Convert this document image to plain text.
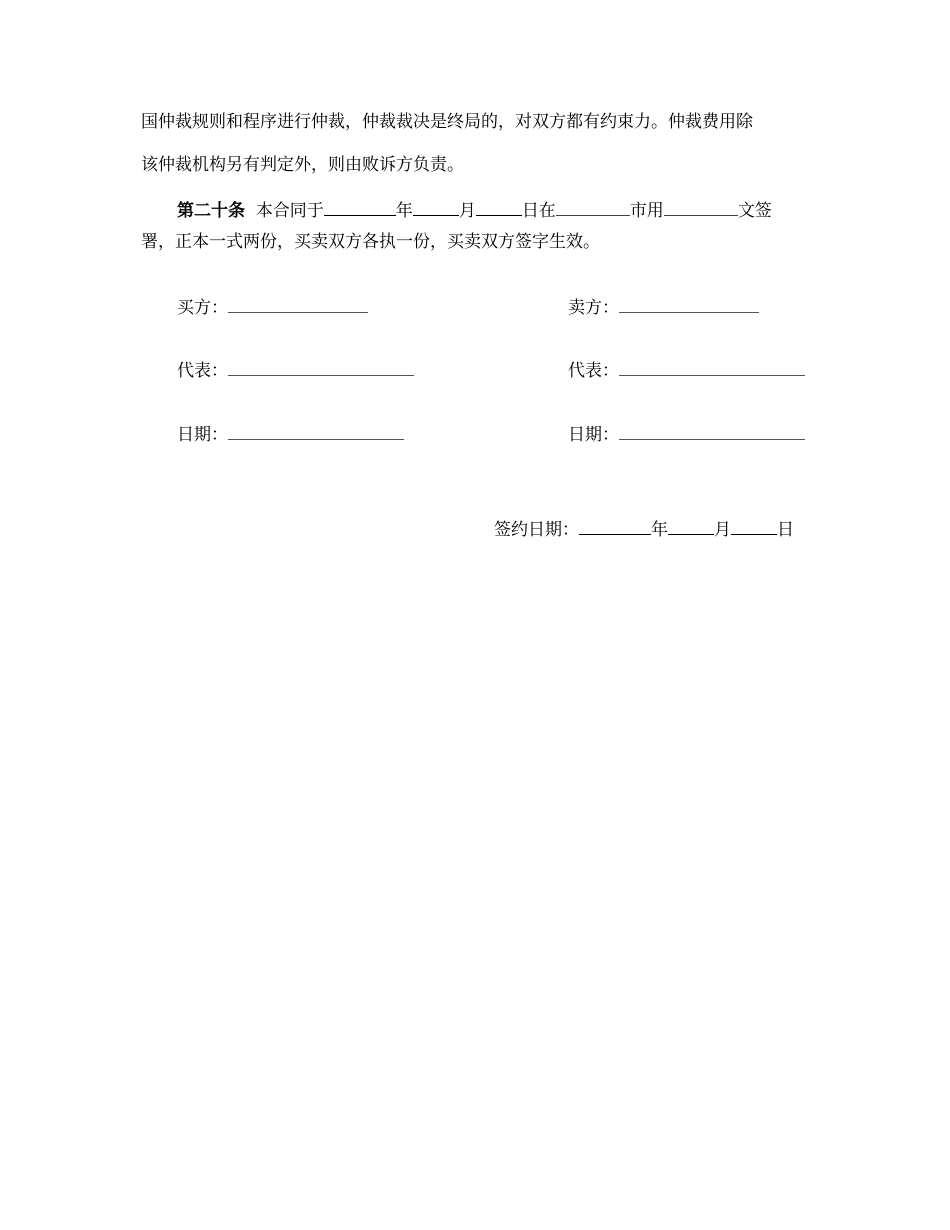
国仲裁规则和程序进行仲裁，仲裁裁决是终局的，对双方都有约束力。仲裁费用除
该仲裁机构另有判定外，则由败诉方负责。
第二十条 本合同于	年	月	日在	市用	文签
署，正本一式两份，买卖双方各执一份，买卖双方签字生效。
买方：	卖方：
代表：	代表：
日期：	日期：
签约日期：	年	月	日
